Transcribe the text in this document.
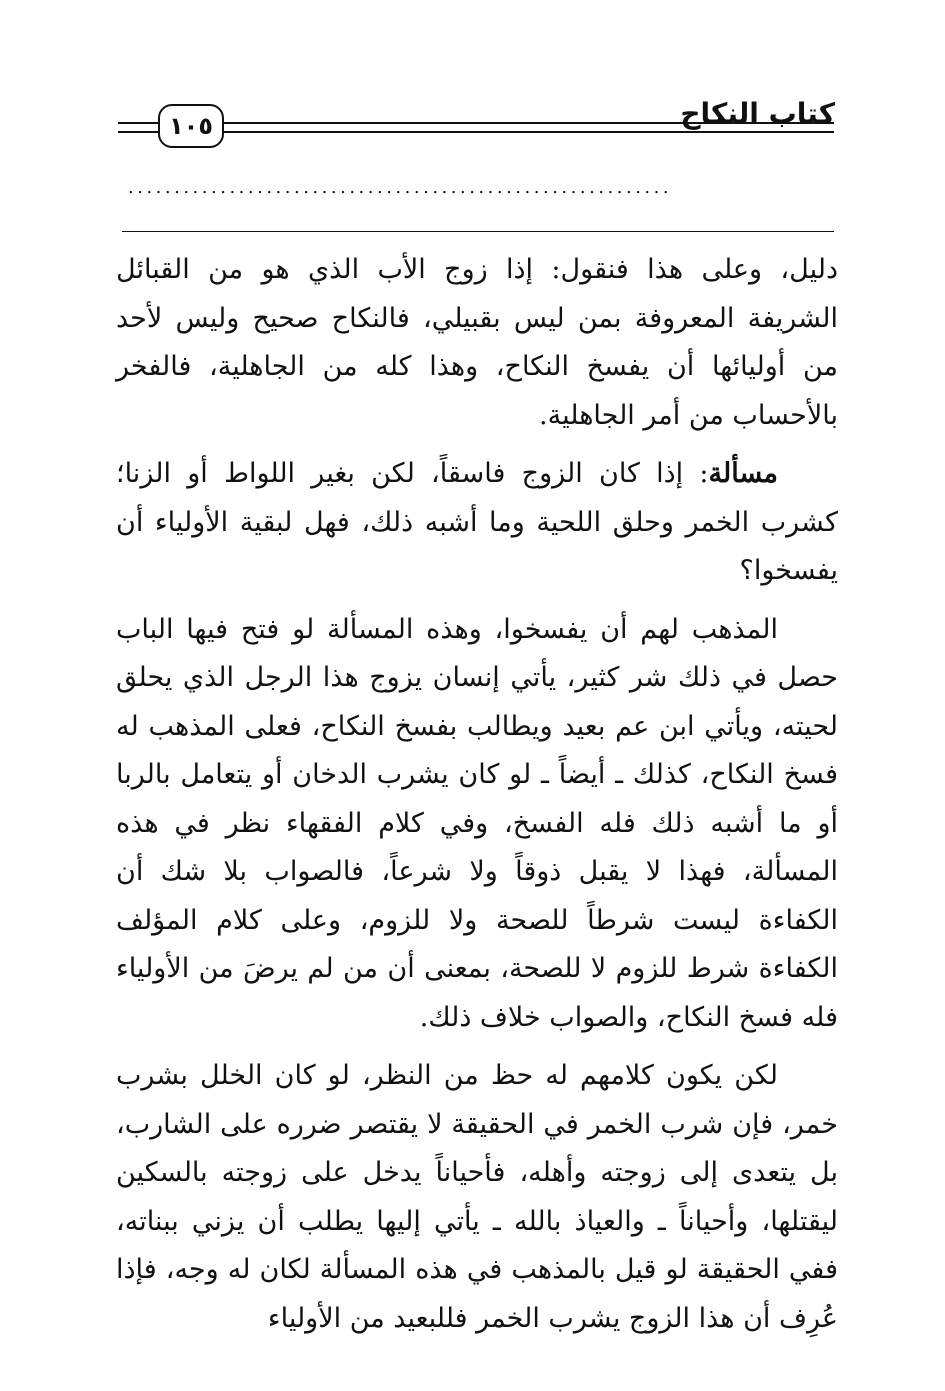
كتاب النكاح
١٠٥
...........................................................

دليل، وعلى هذا فنقول: إذا زوج الأب الذي هو من القبائل الشريفة المعروفة بمن ليس بقبيلي، فالنكاح صحيح وليس لأحد من أوليائها أن يفسخ النكاح، وهذا كله من الجاهلية، فالفخر بالأحساب من أمر الجاهلية.

مسألة: إذا كان الزوج فاسقاً، لكن بغير اللواط أو الزنا؛ كشرب الخمر وحلق اللحية وما أشبه ذلك، فهل لبقية الأولياء أن يفسخوا؟

المذهب لهم أن يفسخوا، وهذه المسألة لو فتح فيها الباب حصل في ذلك شر كثير، يأتي إنسان يزوج هذا الرجل الذي يحلق لحيته، ويأتي ابن عم بعيد ويطالب بفسخ النكاح، فعلى المذهب له فسخ النكاح، كذلك ـ أيضاً ـ لو كان يشرب الدخان أو يتعامل بالربا أو ما أشبه ذلك فله الفسخ، وفي كلام الفقهاء نظر في هذه المسألة، فهذا لا يقبل ذوقاً ولا شرعاً، فالصواب بلا شك أن الكفاءة ليست شرطاً للصحة ولا للزوم، وعلى كلام المؤلف الكفاءة شرط للزوم لا للصحة، بمعنى أن من لم يرضَ من الأولياء فله فسخ النكاح، والصواب خلاف ذلك.

لكن يكون كلامهم له حظ من النظر، لو كان الخلل بشرب خمر، فإن شرب الخمر في الحقيقة لا يقتصر ضرره على الشارب، بل يتعدى إلى زوجته وأهله، فأحياناً يدخل على زوجته بالسكين ليقتلها، وأحياناً ـ والعياذ بالله ـ يأتي إليها يطلب أن يزني ببناته، ففي الحقيقة لو قيل بالمذهب في هذه المسألة لكان له وجه، فإذا عُرِف أن هذا الزوج يشرب الخمر فللبعيد من الأولياء
